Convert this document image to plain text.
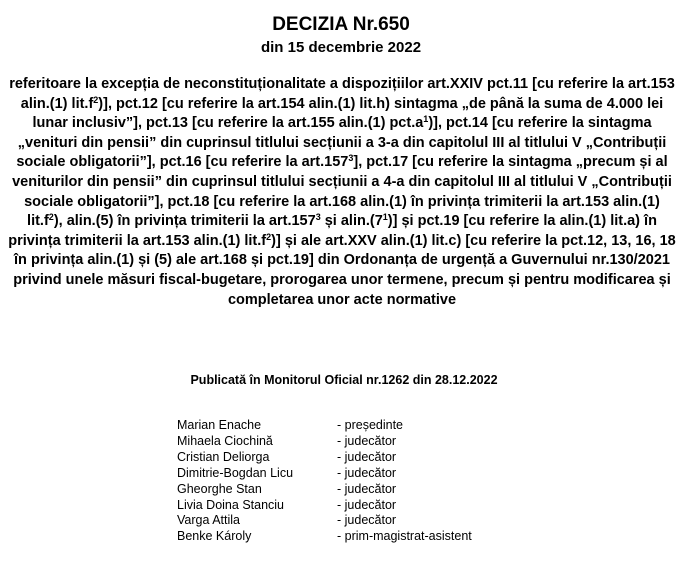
DECIZIA Nr.650
din 15 decembrie 2022

referitoare la excepția de neconstituționalitate a dispozițiilor art.XXIV pct.11 [cu referire la art.153 alin.(1) $lit.f^2$)], pct.12 [cu referire la art.154 alin.(1) lit.h) sintagma „de până la suma de 4.000 lei lunar inclusiv”], pct.13 [cu referire la art.155 alin.(1) $pct.a^1$)], pct.14 [cu referire la sintagma „venituri din pensii” din cuprinsul titlului secțiunii a 3-a din capitolul III al titlului V „Contribuții sociale obligatorii”], pct.16 [cu referire la art.157$^3$], pct.17 [cu referire la sintagma „precum și al veniturilor din pensii” din cuprinsul titlului secțiunii a 4-a din capitolul III al titlului V „Contribuții sociale obligatorii”], pct.18 [cu referire la art.168 alin.(1) în privința trimiterii la art.153 alin.(1) $lit.f^2$), alin.(5) în privința trimiterii la art.157$^3$ și $alin.(7^1)$] și pct.19 [cu referire la alin.(1) lit.a) în privința trimiterii la art.153 alin.(1) $lit.f^2$)] și ale art.XXV alin.(1) lit.c) [cu referire la pct.12, 13, 16, 18 în privința alin.(1) și (5) ale art.168 și pct.19] din Ordonanța de urgență a Guvernului nr.130/2021 privind unele măsuri fiscal-bugetare, prorogarea unor termene, precum și pentru modificarea și completarea unor acte normative

Publicată în Monitorul Oficial nr.1262 din 28.12.2022
Marian Enache	- președinte
Mihaela Ciochină	- judecător
Cristian Deliorga	- judecător
Dimitrie-Bogdan Licu	- judecător
Gheorghe Stan	- judecător
Livia Doina Stanciu	- judecător
Varga Attila	- judecător
Benke Károly	- prim-magistrat-asistent
